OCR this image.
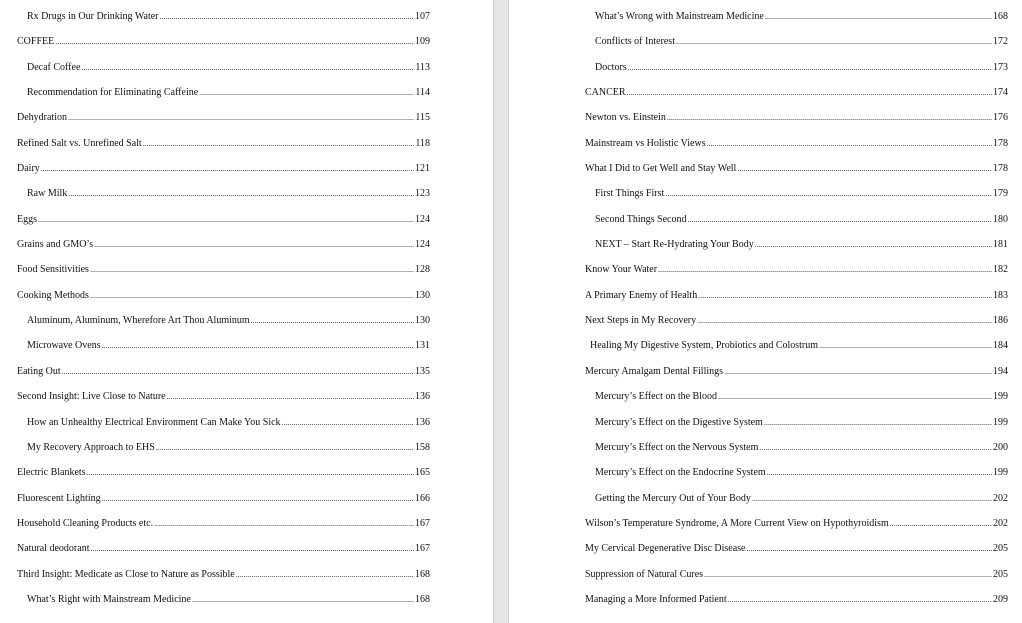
Rx Drugs in Our Drinking Water .....	107
COFFEE .....	109
Decaf Coffee .....	113
Recommendation for Eliminating Caffeine .....	114
Dehydration .....	115
Refined Salt vs. Unrefined Salt .....	118
Dairy .....	121
Raw Milk .....	123
Eggs .....	124
Grains and GMO’s .....	124
Food Sensitivities .....	128
Cooking Methods .....	130
Aluminum, Aluminum, Wherefore Art Thou Aluminum .....	130
Microwave Ovens .....	131
Eating Out .....	135
Second Insight: Live Close to Nature .....	136
How an Unhealthy Electrical Environment Can Make You Sick .....	136
My Recovery Approach to EHS .....	158
Electric Blankets .....	165
Fluorescent Lighting .....	166
Household Cleaning Products etc. .....	167
Natural deodorant .....	167
Third Insight: Medicate as Close to Nature as Possible .....	168
What’s Right with Mainstream Medicine .....	168
What’s Wrong with Mainstream Medicine .....	168
Conflicts of Interest .....	172
Doctors .....	173
CANCER .....	174
Newton vs. Einstein .....	176
Mainstream vs Holistic Views .....	178
What I Did to Get Well and Stay Well .....	178
First Things First .....	179
Second Things Second .....	180
NEXT – Start Re-Hydrating Your Body .....	181
Know Your Water .....	182
A Primary Enemy of Health .....	183
Next Steps in My Recovery .....	186
Healing My Digestive System, Probiotics and Colostrum .....	184
Mercury Amalgam Dental Fillings .....	194
Mercury’s Effect on the Blood .....	199
Mercury’s Effect on the Digestive System .....	199
Mercury’s Effect on the Nervous System .....	200
Mercury’s Effect on the Endocrine System .....	199
Getting the Mercury Out of Your Body .....	202
Wilson’s Temperature Syndrome, A More Current View on Hypothyroidism .....	202
My Cervical Degenerative Disc Disease .....	205
Suppression of Natural Cures .....	205
Managing a More Informed Patient .....	209
